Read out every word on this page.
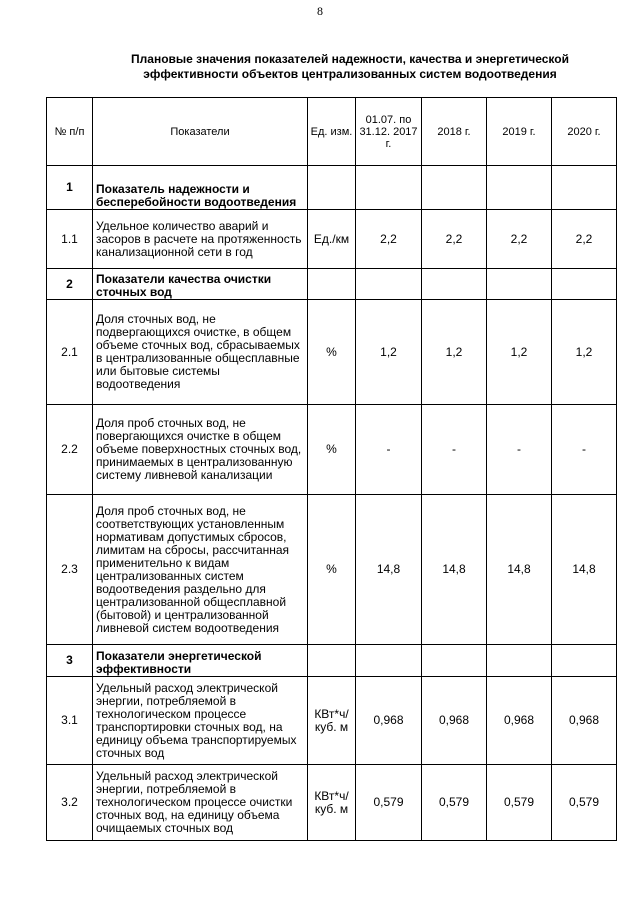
8
Плановые значения показателей надежности, качества и энергетической эффективности объектов централизованных систем водоотведения
№ п/п	Показатели	Ед. изм.	01.07. по 31.12. 2017 г.	2018 г.	2019 г.	2020 г.
1	Показатель надежности и бесперебойности водоотведения					
1.1	Удельное количество аварий и засоров в расчете на протяженность канализационной сети в год	Ед./км	2,2	2,2	2,2	2,2
2	Показатели качества очистки сточных вод					
2.1	Доля сточных вод, не подвергающихся очистке, в общем объеме сточных вод, сбрасываемых в централизованные общесплавные или бытовые системы водоотведения	%	1,2	1,2	1,2	1,2
2.2	Доля проб сточных вод, не повергающихся очистке в общем объеме поверхностных сточных вод, принимаемых в централизованную систему ливневой канализации	%	-	-	-	-
2.3	Доля проб сточных вод, не соответствующих установленным нормативам допустимых сбросов, лимитам на сбросы, рассчитанная применительно к видам централизованных систем водоотведения раздельно для централизованной общесплавной (бытовой) и централизованной ливневой систем водоотведения	%	14,8	14,8	14,8	14,8
3	Показатели энергетической эффективности					
3.1	Удельный расход электрической энергии, потребляемой в технологическом процессе транспортировки сточных вод, на единицу объема транспортируемых сточных вод	КВт*ч/куб. м	0,968	0,968	0,968	0,968
3.2	Удельный расход электрической энергии, потребляемой в технологическом процессе очистки сточных вод, на единицу объема очищаемых сточных вод	КВт*ч/куб. м	0,579	0,579	0,579	0,579
